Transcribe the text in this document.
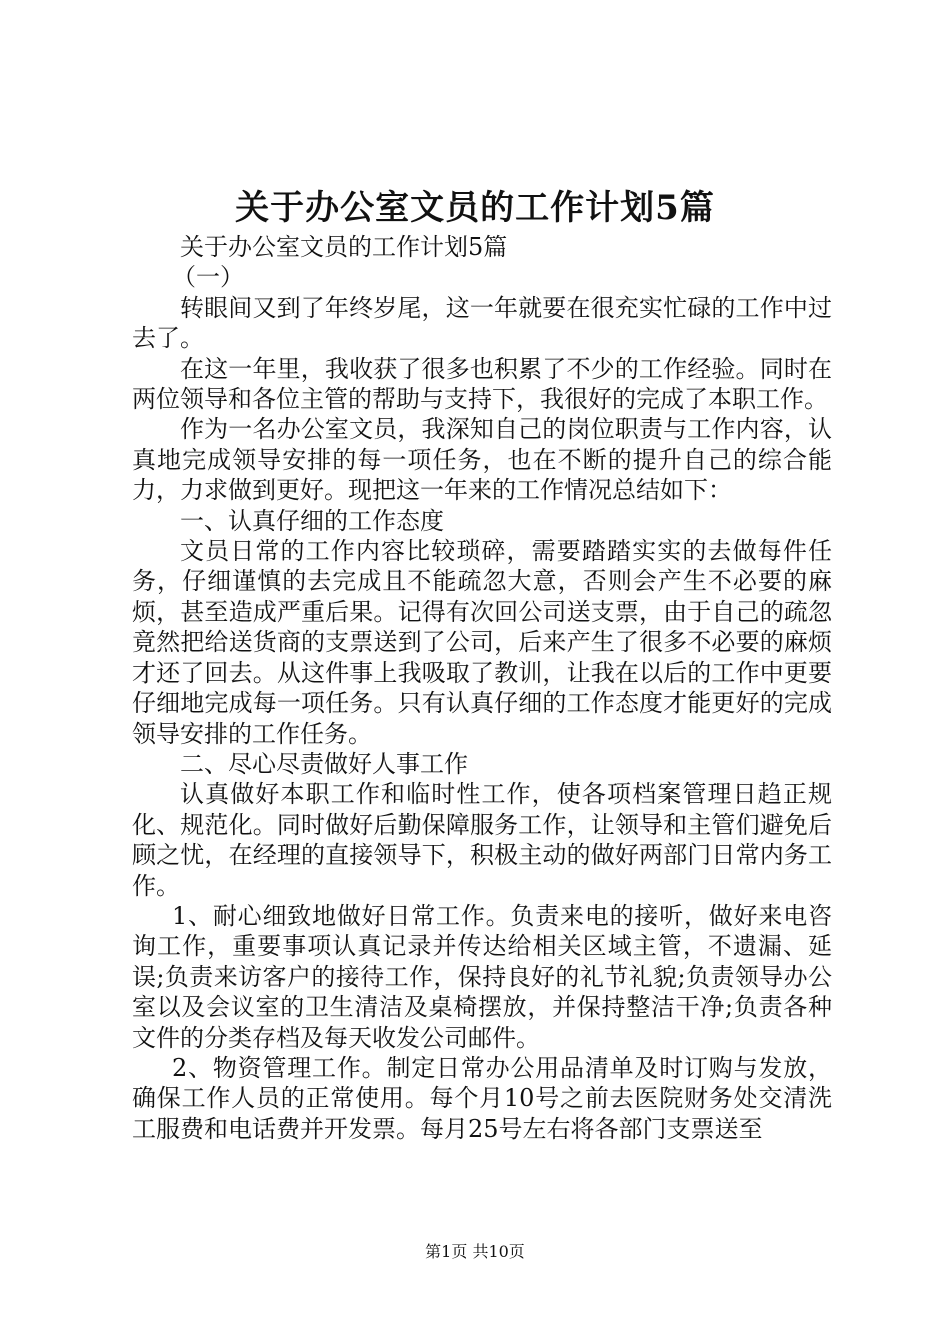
关于办公室文员的工作计划5篇

关于办公室文员的工作计划5篇

（一）

转眼间又到了年终岁尾，这一年就要在很充实忙碌的工作中过去了。

在这一年里，我收获了很多也积累了不少的工作经验。同时在两位领导和各位主管的帮助与支持下，我很好的完成了本职工作。

作为一名办公室文员，我深知自己的岗位职责与工作内容，认真地完成领导安排的每一项任务，也在不断的提升自己的综合能力，力求做到更好。现把这一年来的工作情况总结如下：

一、认真仔细的工作态度

文员日常的工作内容比较琐碎，需要踏踏实实的去做每件任务，仔细谨慎的去完成且不能疏忽大意，否则会产生不必要的麻烦，甚至造成严重后果。记得有次回公司送支票，由于自己的疏忽竟然把给送货商的支票送到了公司，后来产生了很多不必要的麻烦才还了回去。从这件事上我吸取了教训，让我在以后的工作中更要仔细地完成每一项任务。只有认真仔细的工作态度才能更好的完成领导安排的工作任务。

二、尽心尽责做好人事工作

认真做好本职工作和临时性工作，使各项档案管理日趋正规化、规范化。同时做好后勤保障服务工作，让领导和主管们避免后顾之忧，在经理的直接领导下，积极主动的做好两部门日常内务工作。

1、耐心细致地做好日常工作。负责来电的接听，做好来电咨询工作，重要事项认真记录并传达给相关区域主管，不遗漏、延误;负责来访客户的接待工作，保持良好的礼节礼貌;负责领导办公室以及会议室的卫生清洁及桌椅摆放，并保持整洁干净;负责各种文件的分类存档及每天收发公司邮件。

2、物资管理工作。制定日常办公用品清单及时订购与发放，确保工作人员的正常使用。每个月10号之前去医院财务处交清洗工服费和电话费并开发票。每月25号左右将各部门支票送至

第1页 共10页
